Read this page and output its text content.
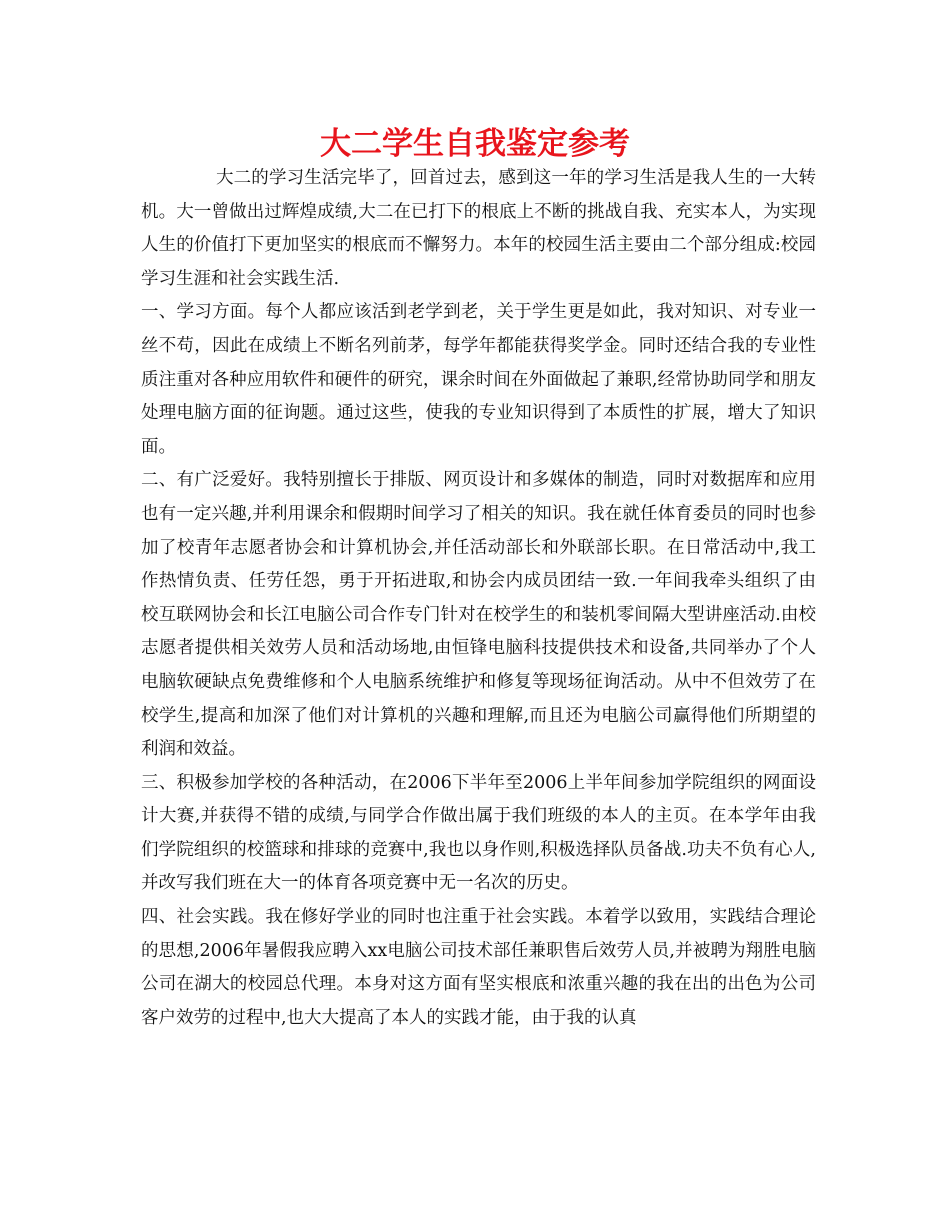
大二学生自我鉴定参考

大二的学习生活完毕了，回首过去，感到这一年的学习生活是我人生的一大转机。大一曾做出过辉煌成绩,大二在已打下的根底上不断的挑战自我、充实本人，为实现人生的价值打下更加坚实的根底而不懈努力。本年的校园生活主要由二个部分组成:校园学习生涯和社会实践生活.

一、学习方面。每个人都应该活到老学到老，关于学生更是如此，我对知识、对专业一丝不苟，因此在成绩上不断名列前茅，每学年都能获得奖学金。同时还结合我的专业性质注重对各种应用软件和硬件的研究，课余时间在外面做起了兼职,经常协助同学和朋友处理电脑方面的征询题。通过这些，使我的专业知识得到了本质性的扩展，增大了知识面。

二、有广泛爱好。我特别擅长于排版、网页设计和多媒体的制造，同时对数据库和应用也有一定兴趣,并利用课余和假期时间学习了相关的知识。我在就任体育委员的同时也参加了校青年志愿者协会和计算机协会,并任活动部长和外联部长职。在日常活动中,我工作热情负责、任劳任怨，勇于开拓进取,和协会内成员团结一致.一年间我牵头组织了由校互联网协会和长江电脑公司合作专门针对在校学生的和装机零间隔大型讲座活动.由校志愿者提供相关效劳人员和活动场地,由恒锋电脑科技提供技术和设备,共同举办了个人电脑软硬缺点免费维修和个人电脑系统维护和修复等现场征询活动。从中不但效劳了在校学生,提高和加深了他们对计算机的兴趣和理解,而且还为电脑公司赢得他们所期望的利润和效益。

三、积极参加学校的各种活动，在2006下半年至2006上半年间参加学院组织的网面设计大赛,并获得不错的成绩,与同学合作做出属于我们班级的本人的主页。在本学年由我们学院组织的校篮球和排球的竞赛中,我也以身作则,积极选择队员备战.功夫不负有心人,并改写我们班在大一的体育各项竞赛中无一名次的历史。

四、社会实践。我在修好学业的同时也注重于社会实践。本着学以致用，实践结合理论的思想,2006年暑假我应聘入xx电脑公司技术部任兼职售后效劳人员,并被聘为翔胜电脑公司在湖大的校园总代理。本身对这方面有坚实根底和浓重兴趣的我在出的出色为公司客户效劳的过程中,也大大提高了本人的实践才能，由于我的认真
